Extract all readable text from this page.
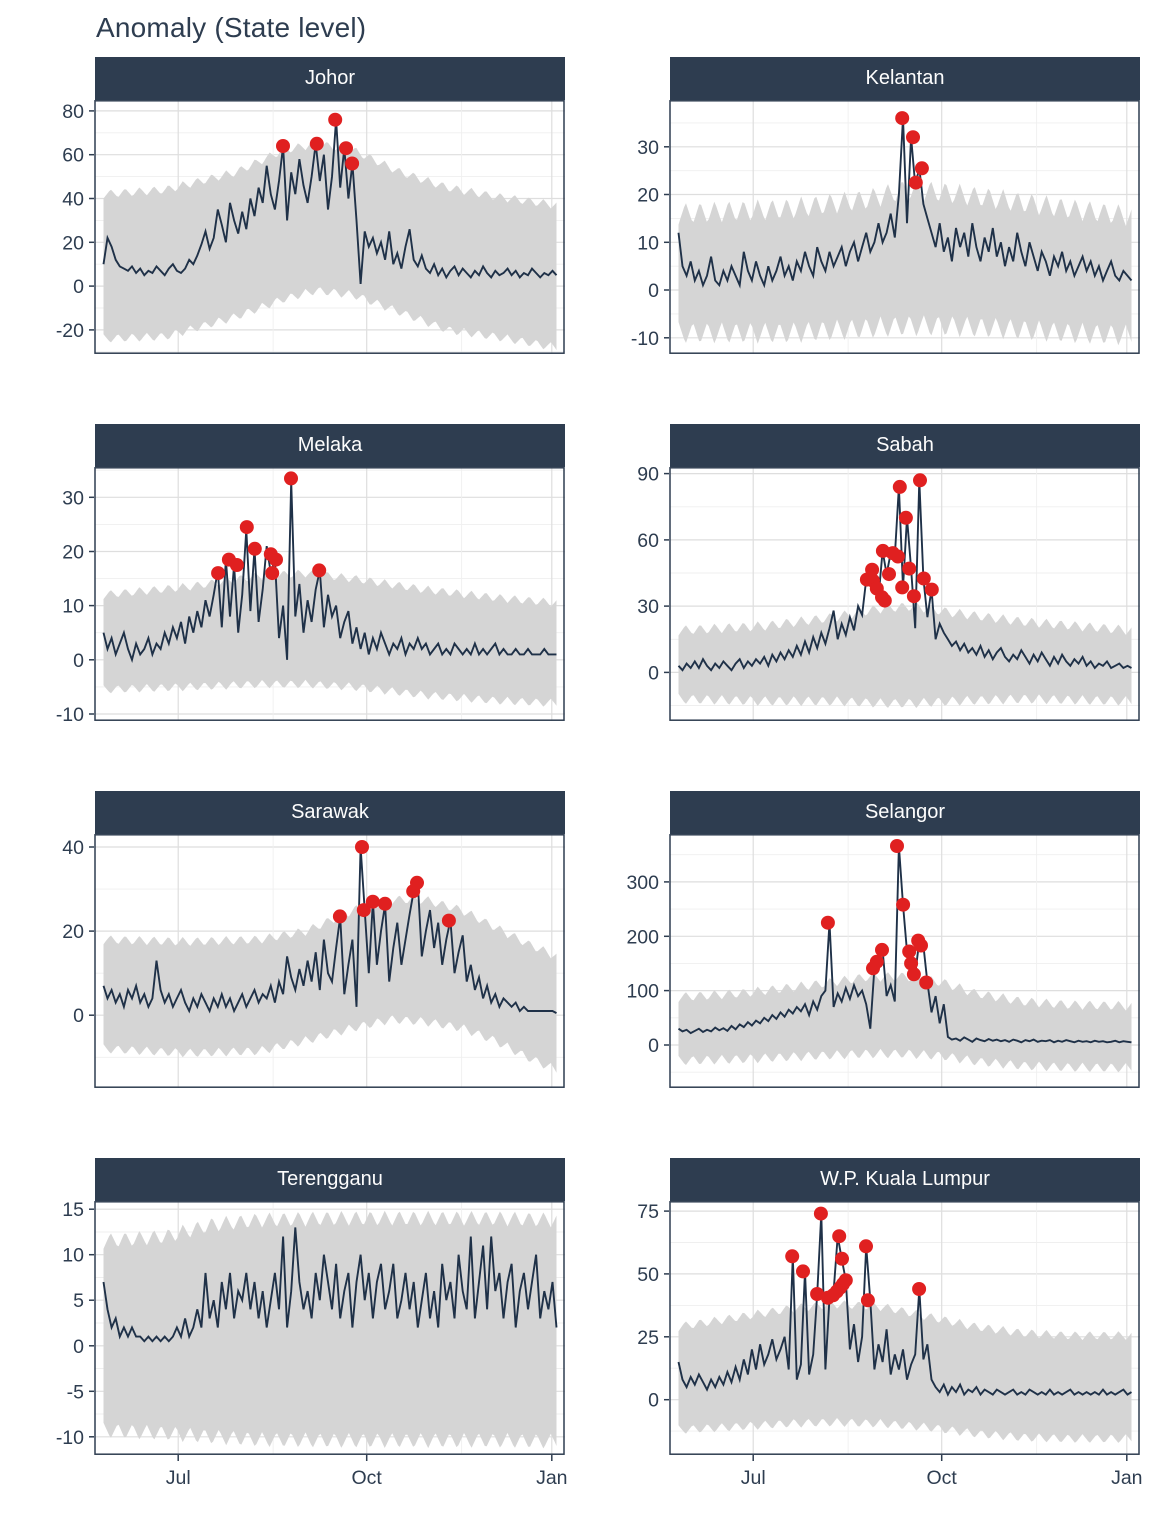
Anomaly (State level)
Johor
-20
0
20
40
60
80
Kelantan
-10
0
10
20
30
Melaka
-10
0
10
20
30
Sabah
0
30
60
90
Sarawak
0
20
40
Selangor
0
100
200
300
Terengganu
-10
-5
0
5
10
15
Jul	Oct	Jan
W.P. Kuala Lumpur
0
25
50
75
Jul	Oct	Jan
